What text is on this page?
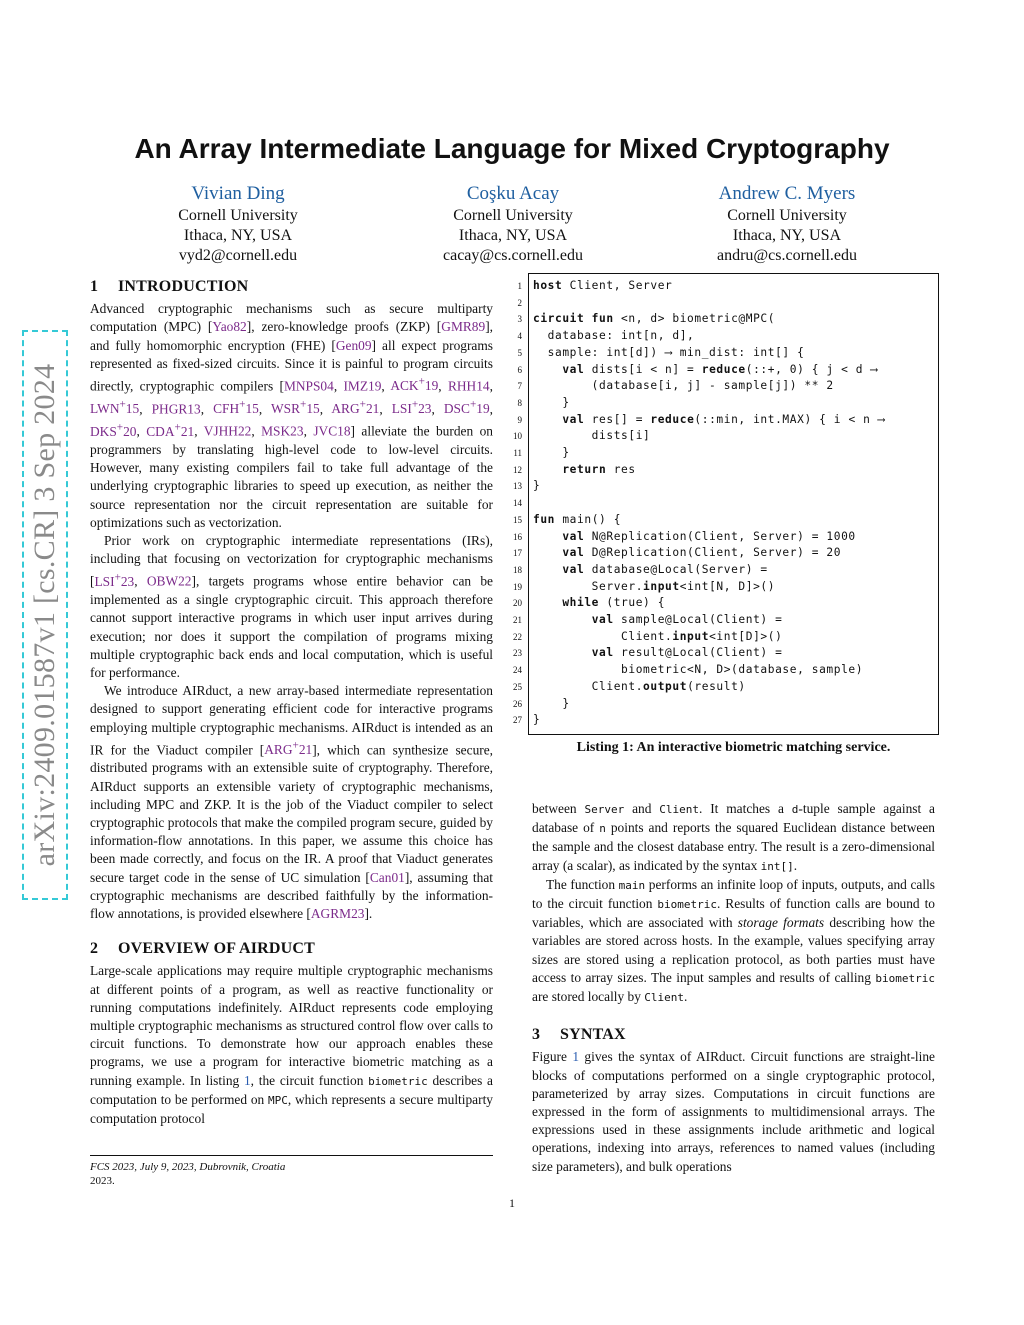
arXiv:2409.01587v1 [cs.CR] 3 Sep 2024
An Array Intermediate Language for Mixed Cryptography
Vivian Ding
Cornell University
Ithaca, NY, USA
vyd2@cornell.edu
Coşku Acay
Cornell University
Ithaca, NY, USA
cacay@cs.cornell.edu
Andrew C. Myers
Cornell University
Ithaca, NY, USA
andru@cs.cornell.edu
1 INTRODUCTION

Advanced cryptographic mechanisms such as secure multiparty computation (MPC) [Yao82], zero-knowledge proofs (ZKP) [GMR89], and fully homomorphic encryption (FHE) [Gen09] all expect programs represented as fixed-sized circuits. Since it is painful to program circuits directly, cryptographic compilers [MNPS04, IMZ19, ACK+19, RHH14, LWN+15, PHGR13, CFH+15, WSR+15, ARG+21, LSI+23, DSC+19, DKS+20, CDA+21, VJHH22, MSK23, JVC18] alleviate the burden on programmers by translating high-level code to low-level circuits. However, many existing compilers fail to take full advantage of the underlying cryptographic libraries to speed up execution, as neither the source representation nor the circuit representation are suitable for optimizations such as vectorization.

Prior work on cryptographic intermediate representations (IRs), including that focusing on vectorization for cryptographic mechanisms [LSI+23, OBW22], targets programs whose entire behavior can be implemented as a single cryptographic circuit. This approach therefore cannot support interactive programs in which user input arrives during execution; nor does it support the compilation of programs mixing multiple cryptographic back ends and local computation, which is useful for performance.

We introduce AIRduct, a new array-based intermediate representation designed to support generating efficient code for interactive programs employing multiple cryptographic mechanisms. AIRduct is intended as an IR for the Viaduct compiler [ARG+21], which can synthesize secure, distributed programs with an extensible suite of cryptography. Therefore, AIRduct supports an extensible variety of cryptographic mechanisms, including MPC and ZKP. It is the job of the Viaduct compiler to select cryptographic protocols that make the compiled program secure, guided by information-flow annotations. In this paper, we assume this choice has been made correctly, and focus on the IR. A proof that Viaduct generates secure target code in the sense of UC simulation [Can01], assuming that cryptographic mechanisms are described faithfully by the information-flow annotations, is provided elsewhere [AGRM23].

2 OVERVIEW OF AIRDUCT

Large-scale applications may require multiple cryptographic mechanisms at different points of a program, as well as reactive functionality or running computations indefinitely. AIRduct represents code employing multiple cryptographic mechanisms as structured control flow over calls to circuit functions. To demonstrate how our approach enables these programs, we use a program for interactive biometric matching as a running example. In listing 1, the circuit function biometric describes a computation to be performed on MPC, which represents a secure multiparty computation protocol

1
2
3
4
5
6
7
8
9
10
11
12
13
14
15
16
17
18
19
20
21
22
23
24
25
26
27
host Client, Server

circuit fun <n, d> biometric@MPC(
database: int[n, d],
sample: int[d]) ⟶ min_dist: int[] {
val dists[i < n] = reduce(::+, 0) { j < d ⟶
(database[i, j] - sample[j]) ** 2
}
val res[] = reduce(::min, int.MAX) { i < n ⟶
dists[i]
}
return res
}

fun main() {
val N@Replication(Client, Server) = 1000
val D@Replication(Client, Server) = 20
val database@Local(Server) =
Server.input<int[N, D]>()
while (true) {
val sample@Local(Client) =
Client.input<int[D]>()
val result@Local(Client) =
biometric<N, D>(database, sample)
Client.output(result)
}
}
Listing 1: An interactive biometric matching service.

between Server and Client. It matches a d-tuple sample against a database of n points and reports the squared Euclidean distance between the sample and the closest database entry. The result is a zero-dimensional array (a scalar), as indicated by the syntax int[].

The function main performs an infinite loop of inputs, outputs, and calls to the circuit function biometric. Results of function calls are bound to variables, which are associated with storage formats describing how the variables are stored across hosts. In the example, values specifying array sizes are stored using a replication protocol, as both parties must have access to array sizes. The input samples and results of calling biometric are stored locally by Client.

3 SYNTAX

Figure 1 gives the syntax of AIRduct. Circuit functions are straight-line blocks of computations performed on a single cryptographic protocol, parameterized by array sizes. Computations in circuit functions are expressed in the form of assignments to multidimensional arrays. The expressions used in these assignments include arithmetic and logical operations, indexing into arrays, references to named values (including size parameters), and bulk operations

FCS 2023, July 9, 2023, Dubrovnik, Croatia
2023.
1
